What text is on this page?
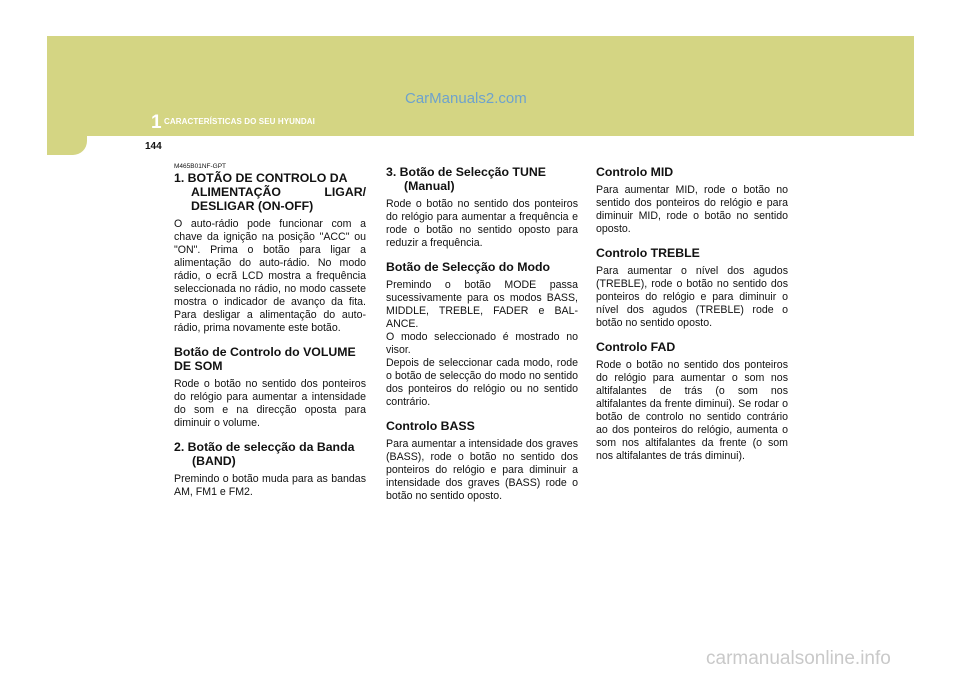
144
1 CARACTERÍSTICAS DO SEU HYUNDAI
CarManuals2.com
M465B01NF-GPT
1. BOTÃO DE CONTROLO DA
ALIMENTAÇÃO LIGAR/
DESLIGAR (ON-OFF)

O auto-rádio pode funcionar com a chave da ignição na posição "ACC" ou "ON". Prima o botão para ligar a alimentação do auto-rádio. No modo rádio, o ecrã LCD mostra a frequência seleccionada no rádio, no modo cassete mostra o indicador de avanço da fita. Para desligar a alimentação do auto-rádio, prima novamente este botão.

Botão de Controlo do VOLUME DE SOM

Rode o botão no sentido dos ponteiros do relógio para aumentar a intensidade do som e na direcção oposta para diminuir o volume.

2. Botão de selecção da Banda (BAND)

Premindo o botão muda para as bandas AM, FM1 e FM2.

3. Botão de Selecção TUNE (Manual)

Rode o botão no sentido dos ponteiros do relógio para aumentar a frequência e rode o botão no sentido oposto para reduzir a frequência.

Botão de Selecção do Modo

Premindo o botão MODE passa sucessivamente para os modos BASS, MIDDLE, TREBLE, FADER e BAL- ANCE.

O modo seleccionado é mostrado no visor.

Depois de seleccionar cada modo, rode o botão de selecção do modo no sentido dos ponteiros do relógio ou no sentido contrário.

Controlo BASS

Para aumentar a intensidade dos graves (BASS), rode o botão no sentido dos ponteiros do relógio e para diminuir a intensidade dos graves (BASS) rode o botão no sentido oposto.

Controlo MID

Para aumentar MID, rode o botão no sentido dos ponteiros do relógio e para diminuir MID, rode o botão no sentido oposto.

Controlo TREBLE

Para aumentar o nível dos agudos (TREBLE), rode o botão no sentido dos ponteiros do relógio e para diminuir o nível dos agudos (TREBLE) rode o botão no sentido oposto.

Controlo FAD

Rode o botão no sentido dos ponteiros do relógio para aumentar o som nos altifalantes de trás (o som nos altifalantes da frente diminui). Se rodar o botão de controlo no sentido contrário ao dos ponteiros do relógio, aumenta o som nos altifalantes da frente (o som nos altifalantes de trás diminui).

carmanualsonline.info
